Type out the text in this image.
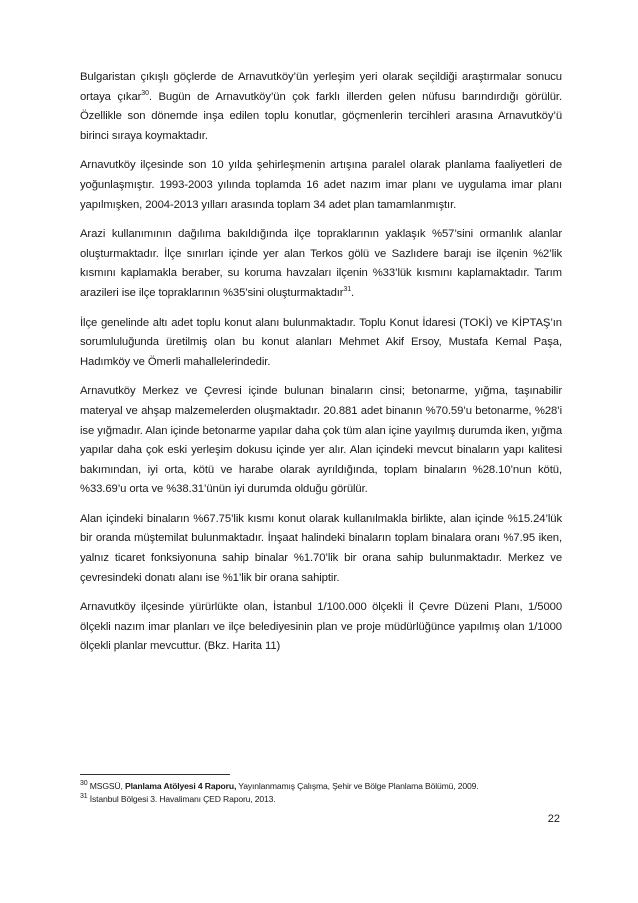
Bulgaristan çıkışlı göçlerde de Arnavutköy’ün yerleşim yeri olarak seçildiği araştırmalar sonucu ortaya çıkar$^{30}$. Bugün de Arnavutköy’ün çok farklı illerden gelen nüfusu barındırdığı görülür. Özellikle son dönemde inşa edilen toplu konutlar, göçmenlerin tercihleri arasına Arnavutköy’ü birinci sıraya koymaktadır.

Arnavutköy ilçesinde son 10 yılda şehirleşmenin artışına paralel olarak planlama faaliyetleri de yoğunlaşmıştır. 1993-2003 yılında toplamda 16 adet nazım imar planı ve uygulama imar planı yapılmışken, 2004-2013 yılları arasında toplam 34 adet plan tamamlanmıştır.

Arazi kullanımının dağılıma bakıldığında ilçe topraklarının yaklaşık %57’sini ormanlık alanlar oluşturmaktadır. İlçe sınırları içinde yer alan Terkos gölü ve Sazlıdere barajı ise ilçenin %2’lik kısmını kaplamakla beraber, su koruma havzaları ilçenin %33’lük kısmını kaplamaktadır. Tarım arazileri ise ilçe topraklarının %35’sini oluşturmaktadır$^{31}$.

İlçe genelinde altı adet toplu konut alanı bulunmaktadır. Toplu Konut İdaresi (TOKİ) ve KİPTAŞ’ın sorumluluğunda üretilmiş olan bu konut alanları Mehmet Akif Ersoy, Mustafa Kemal Paşa, Hadımköy ve Ömerli mahallelerindedir.

Arnavutköy Merkez ve Çevresi içinde bulunan binaların cinsi; betonarme, yığma, taşınabilir materyal ve ahşap malzemelerden oluşmaktadır. 20.881 adet binanın %70.59’u betonarme, %28’i ise yığmadır. Alan içinde betonarme yapılar daha çok tüm alan içine yayılmış durumda iken, yığma yapılar daha çok eski yerleşim dokusu içinde yer alır. Alan içindeki mevcut binaların yapı kalitesi bakımından, iyi orta, kötü ve harabe olarak ayrıldığında, toplam binaların %28.10’nun kötü, %33.69’u orta ve %38.31’ünün iyi durumda olduğu görülür.

Alan içindeki binaların %67.75’lik kısmı konut olarak kullanılmakla birlikte, alan içinde %15.24’lük bir oranda müştemilat bulunmaktadır. İnşaat halindeki binaların toplam binalara oranı %7.95 iken, yalnız ticaret fonksiyonuna sahip binalar %1.70’lik bir orana sahip bulunmaktadır. Merkez ve çevresindeki donatı alanı ise %1’lik bir orana sahiptir.

Arnavutköy ilçesinde yürürlükte olan, İstanbul 1/100.000 ölçekli İl Çevre Düzeni Planı, 1/5000 ölçekli nazım imar planları ve ilçe belediyesinin plan ve proje müdürlüğünce yapılmış olan 1/1000 ölçekli planlar mevcuttur. (Bkz. Harita 11)

$^{30}$ MSGSÜ, Planlama Atölyesi 4 Raporu, Yayınlanmamış Çalışma, Şehir ve Bölge Planlama Bölümü, 2009.

$^{31}$ İstanbul Bölgesi 3. Havalimanı ÇED Raporu, 2013.

22
